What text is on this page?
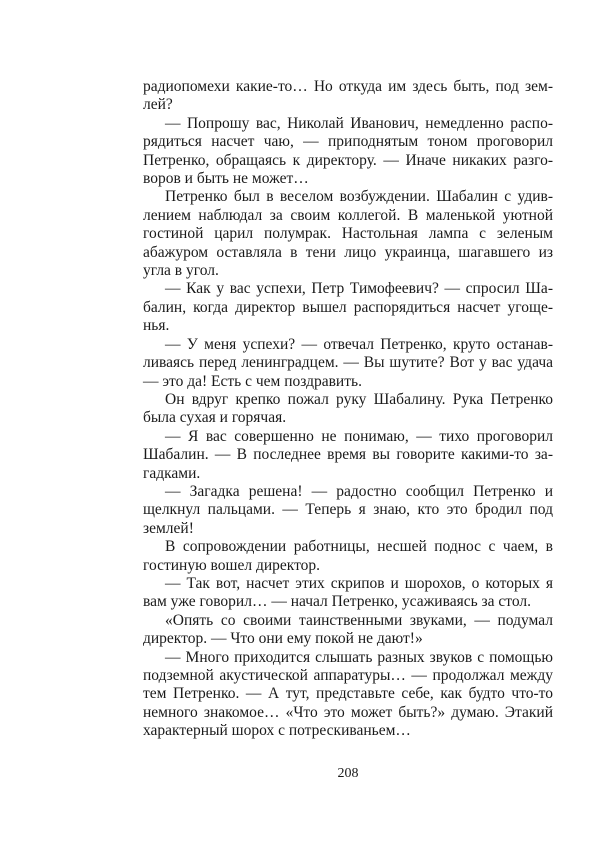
радиопомехи какие-то… Но откуда им здесь быть, под землей?

— Попрошу вас, Николай Иванович, немедленно распорядиться насчет чаю, — приподнятым тоном проговорил Петренко, обращаясь к директору. — Иначе никаких разговоров и быть не может…

Петренко был в веселом возбуждении. Шабалин с удивлением наблюдал за своим коллегой. В маленькой уютной гостиной царил полумрак. Настольная лампа с зеленым абажуром оставляла в тени лицо украинца, шагавшего из угла в угол.

— Как у вас успехи, Петр Тимофеевич? — спросил Шабалин, когда директор вышел распорядиться насчет угощенья.

— У меня успехи? — отвечал Петренко, круто останавливаясь перед ленинградцем. — Вы шутите? Вот у вас удача — это да! Есть с чем поздравить.

Он вдруг крепко пожал руку Шабалину. Рука Петренко была сухая и горячая.

— Я вас совершенно не понимаю, — тихо проговорил Шабалин. — В последнее время вы говорите какими-то загадками.

— Загадка решена! — радостно сообщил Петренко и щелкнул пальцами. — Теперь я знаю, кто это бродил под землей!

В сопровождении работницы, несшей поднос с чаем, в гостиную вошел директор.

— Так вот, насчет этих скрипов и шорохов, о которых я вам уже говорил… — начал Петренко, усаживаясь за стол.

«Опять со своими таинственными звуками, — подумал директор. — Что они ему покой не дают!»

— Много приходится слышать разных звуков с помощью подземной акустической аппаратуры… — продолжал между тем Петренко. — А тут, представьте себе, как будто что-то немного знакомое… «Что это может быть?» думаю. Этакий характерный шорох с потрескиваньем…

208
